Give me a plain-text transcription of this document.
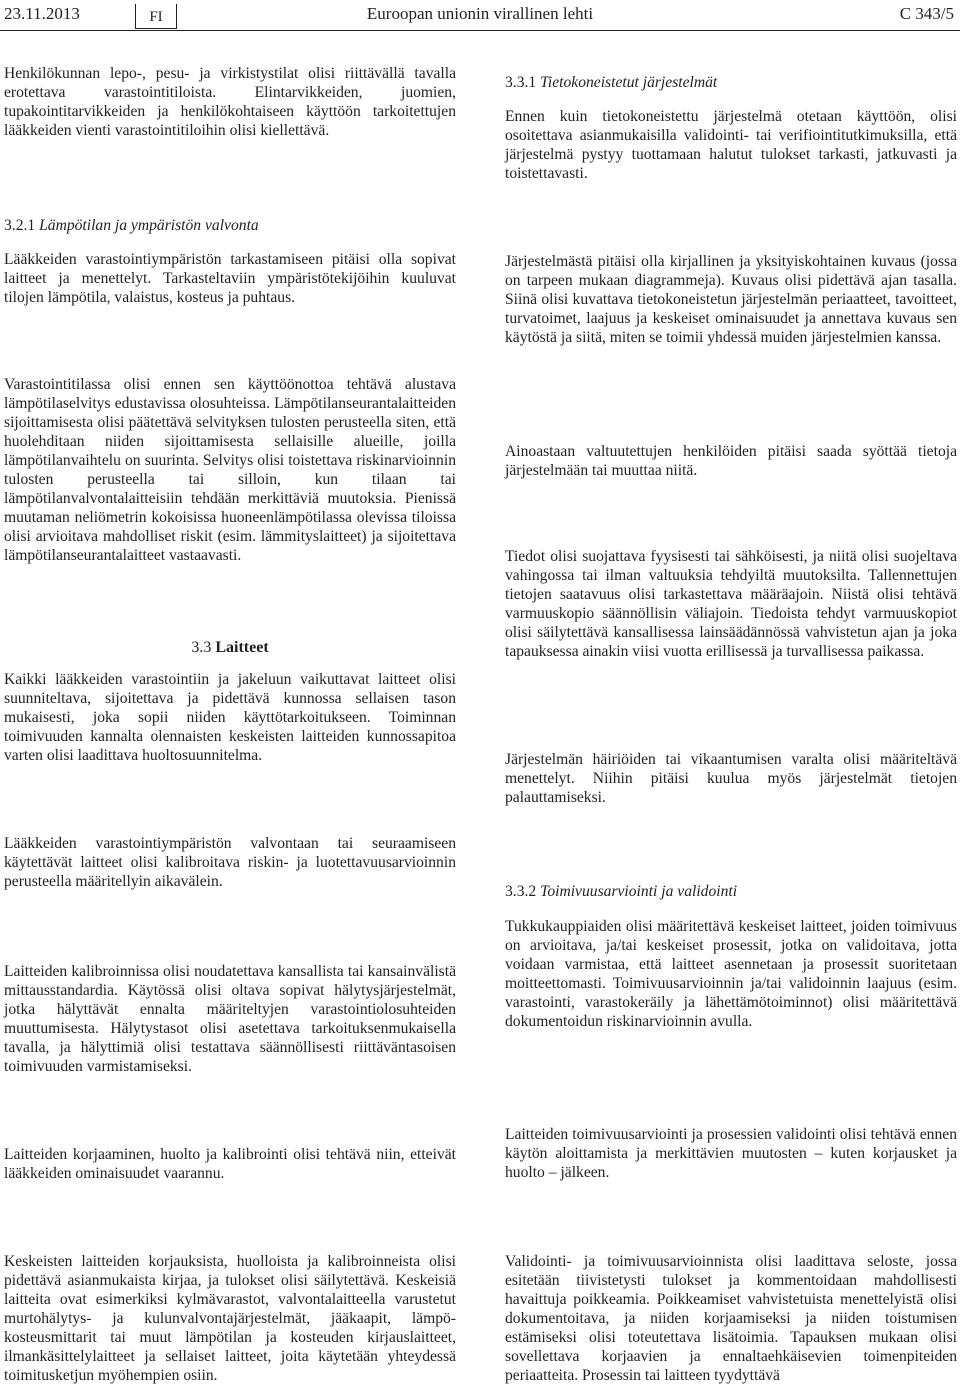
23.11.2013	FI	Euroopan unionin virallinen lehti	C 343/5

Henkilökunnan lepo-, pesu- ja virkistystilat olisi riittävällä tavalla erotettava varastointitiloista. Elintarvikkeiden, juomien, tupakointitarvikkeiden ja henkilökohtaiseen käyttöön tarkoitettujen lääkkeiden vienti varastointitiloihin olisi kiellettävä.

3.2.1 Lämpötilan ja ympäristön valvonta

Lääkkeiden varastointiympäristön tarkastamiseen pitäisi olla sopivat laitteet ja menettelyt. Tarkasteltaviin ympäristötekijöihin kuuluvat tilojen lämpötila, valaistus, kosteus ja puhtaus.

Varastointitilassa olisi ennen sen käyttöönottoa tehtävä alustava lämpötilaselvitys edustavissa olosuhteissa. Lämpötilanseurantalaitteiden sijoittamisesta olisi päätettävä selvityksen tulosten perusteella siten, että huolehditaan niiden sijoittamisesta sellaisille alueille, joilla lämpötilanvaihtelu on suurinta. Selvitys olisi toistettava riskinarvioinnin tulosten perusteella tai silloin, kun tilaan tai lämpötilanvalvontalaitteisiin tehdään merkittäviä muutoksia. Pienissä muutaman neliömetrin kokoisissa huoneenlämpötilassa olevissa tiloissa olisi arvioitava mahdolliset riskit (esim. lämmityslaitteet) ja sijoitettava lämpötilanseurantalaitteet vastaavasti.

3.3 Laitteet

Kaikki lääkkeiden varastointiin ja jakeluun vaikuttavat laitteet olisi suunniteltava, sijoitettava ja pidettävä kunnossa sellaisen tason mukaisesti, joka sopii niiden käyttötarkoitukseen. Toiminnan toimivuuden kannalta olennaisten keskeisten laitteiden kunnossapitoa varten olisi laadittava huoltosuunnitelma.

Lääkkeiden varastointiympäristön valvontaan tai seuraamiseen käytettävät laitteet olisi kalibroitava riskin- ja luotettavuusarvioinnin perusteella määritellyin aikavälein.

Laitteiden kalibroinnissa olisi noudatettava kansallista tai kansainvälistä mittausstandardia. Käytössä olisi oltava sopivat hälytysjärjestelmät, jotka hälyttävät ennalta määriteltyjen varastointiolosuhteiden muuttumisesta. Hälytystasot olisi asetettava tarkoituksenmukaisella tavalla, ja hälyttimiä olisi testattava säännöllisesti riittäväntasoisen toimivuuden varmistamiseksi.

Laitteiden korjaaminen, huolto ja kalibrointi olisi tehtävä niin, etteivät lääkkeiden ominaisuudet vaarannu.

Keskeisten laitteiden korjauksista, huolloista ja kalibroinneista olisi pidettävä asianmukaista kirjaa, ja tulokset olisi säilytettävä. Keskeisiä laitteita ovat esimerkiksi kylmävarastot, valvontalaitteella varustetut murtohälytys- ja kulunvalvontajärjestelmät, jääkaapit, lämpö-kosteusmittarit tai muut lämpötilan ja kosteuden kirjauslaitteet, ilmankäsittelylaitteet ja sellaiset laitteet, joita käytetään yhteydessä toimitusketjun myöhempien osiin.

3.3.1 Tietokoneistetut järjestelmät

Ennen kuin tietokoneistettu järjestelmä otetaan käyttöön, olisi osoitettava asianmukaisilla validointi- tai verifiointitutkimuksilla, että järjestelmä pystyy tuottamaan halutut tulokset tarkasti, jatkuvasti ja toistettavasti.

Järjestelmästä pitäisi olla kirjallinen ja yksityiskohtainen kuvaus (jossa on tarpeen mukaan diagrammeja). Kuvaus olisi pidettävä ajan tasalla. Siinä olisi kuvattava tietokoneistetun järjestelmän periaatteet, tavoitteet, turvatoimet, laajuus ja keskeiset ominaisuudet ja annettava kuvaus sen käytöstä ja siitä, miten se toimii yhdessä muiden järjestelmien kanssa.

Ainoastaan valtuutettujen henkilöiden pitäisi saada syöttää tietoja järjestelmään tai muuttaa niitä.

Tiedot olisi suojattava fyysisesti tai sähköisesti, ja niitä olisi suojeltava vahingossa tai ilman valtuuksia tehdyiltä muutoksilta. Tallennettujen tietojen saatavuus olisi tarkastettava määräajoin. Niistä olisi tehtävä varmuuskopio säännöllisin väliajoin. Tiedoista tehdyt varmuuskopiot olisi säilytettävä kansallisessa lainsäädännössä vahvistetun ajan ja joka tapauksessa ainakin viisi vuotta erillisessä ja turvallisessa paikassa.

Järjestelmän häiriöiden tai vikaantumisen varalta olisi määriteltävä menettelyt. Niihin pitäisi kuulua myös järjestelmät tietojen palauttamiseksi.

3.3.2 Toimivuusarviointi ja validointi

Tukkukauppiaiden olisi määritettävä keskeiset laitteet, joiden toimivuus on arvioitava, ja/tai keskeiset prosessit, jotka on validoitava, jotta voidaan varmistaa, että laitteet asennetaan ja prosessit suoritetaan moitteettomasti. Toimivuusarvioinnin ja/tai validoinnin laajuus (esim. varastointi, varastokeräily ja lähettämötoiminnot) olisi määritettävä dokumentoidun riskinarvioinnin avulla.

Laitteiden toimivuusarviointi ja prosessien validointi olisi tehtävä ennen käytön aloittamista ja merkittävien muutosten – kuten korjausket ja huolto – jälkeen.

Validointi- ja toimivuusarvioinnista olisi laadittava seloste, jossa esitetään tiivistetysti tulokset ja kommentoidaan mahdollisesti havaittuja poikkeamia. Poikkeamiset vahvistetuista menettelyistä olisi dokumentoitava, ja niiden korjaamiseksi ja niiden toistumisen estämiseksi olisi toteutettava lisätoimia. Tapauksen mukaan olisi sovellettava korjaavien ja ennaltaehkäisevien toimenpiteiden periaatteita. Prosessin tai laitteen tyydyttävä
